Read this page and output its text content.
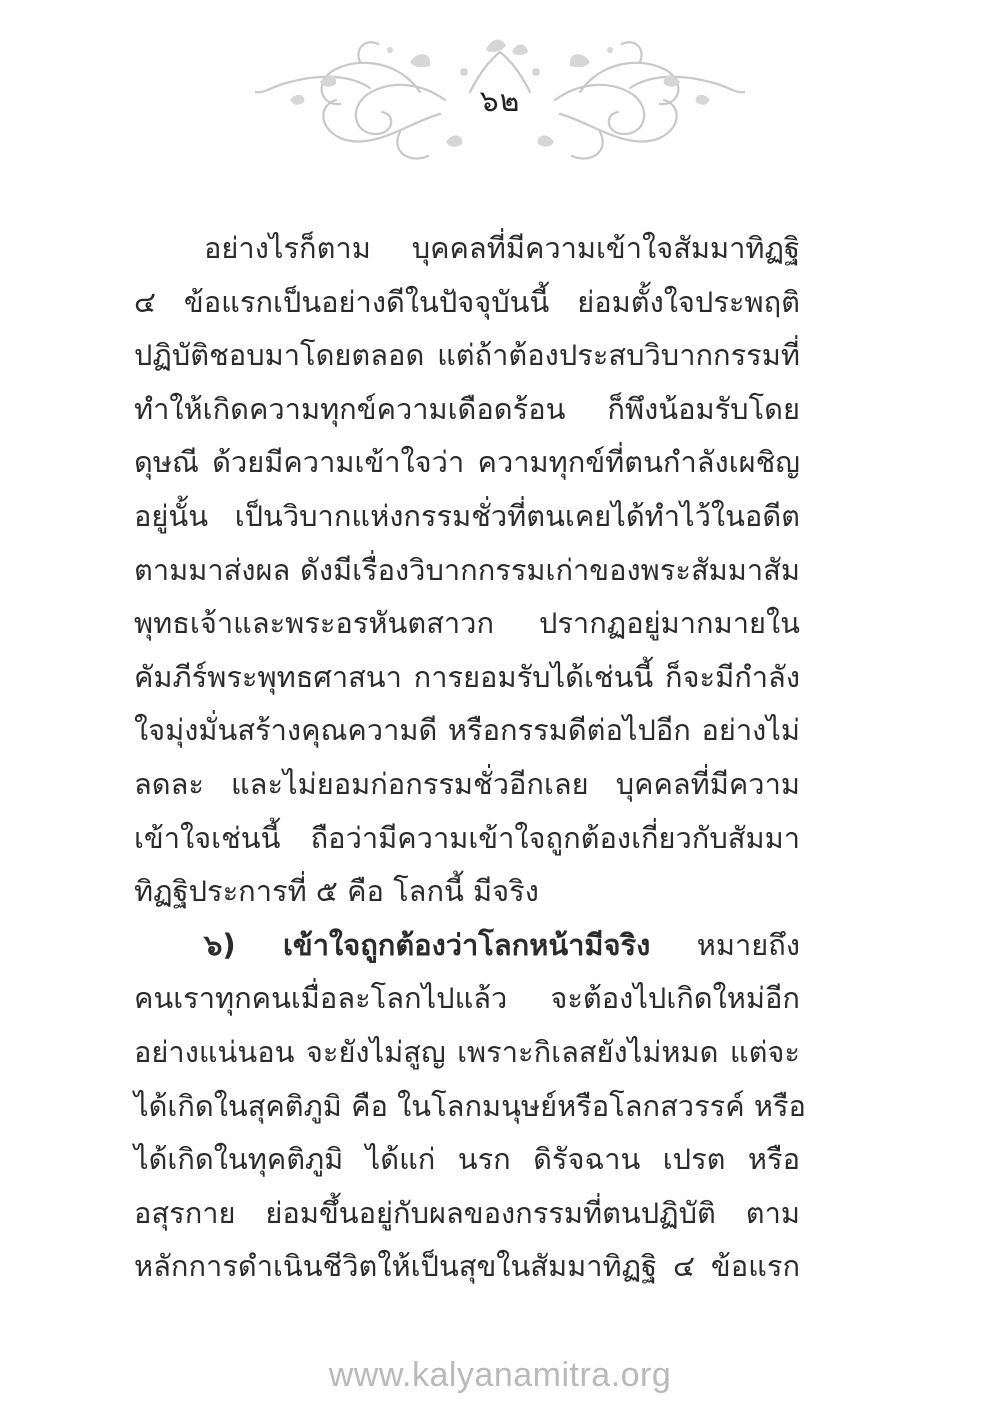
๖๒
อย่างไรก็ตาม บุคคลที่มีความเข้าใจสัมมาทิฏฐิ
๔ ข้อแรกเป็นอย่างดีในปัจจุบันนี้ ย่อมตั้งใจประพฤติ
ปฏิบัติชอบมาโดยตลอด แต่ถ้าต้องประสบวิบากกรรมที่
ทำให้เกิดความทุกข์ความเดือดร้อน ก็พึงน้อมรับโดย
ดุษณี ด้วยมีความเข้าใจว่า ความทุกข์ที่ตนกำลังเผชิญ
อยู่นั้น เป็นวิบากแห่งกรรมชั่วที่ตนเคยได้ทำไว้ในอดีต
ตามมาส่งผล ดังมีเรื่องวิบากกรรมเก่าของพระสัมมาสัม
พุทธเจ้าและพระอรหันตสาวก ปรากฏอยู่มากมายใน
คัมภีร์พระพุทธศาสนา การยอมรับได้เช่นนี้ ก็จะมีกำลัง
ใจมุ่งมั่นสร้างคุณความดี หรือกรรมดีต่อไปอีก อย่างไม่
ลดละ และไม่ยอมก่อกรรมชั่วอีกเลย บุคคลที่มีความ
เข้าใจเช่นนี้ ถือว่ามีความเข้าใจถูกต้องเกี่ยวกับสัมมา
ทิฏฐิประการที่ ๕ คือ โลกนี้ มีจริง
๖) เข้าใจถูกต้องว่าโลกหน้ามีจริง หมายถึง
คนเราทุกคนเมื่อละโลกไปแล้ว จะต้องไปเกิดใหม่อีก
อย่างแน่นอน จะยังไม่สูญ เพราะกิเลสยังไม่หมด แต่จะ
ได้เกิดในสุคติภูมิ คือ ในโลกมนุษย์หรือโลกสวรรค์ หรือ
ได้เกิดในทุคติภูมิ ได้แก่ นรก ดิรัจฉาน เปรต หรือ
อสุรกาย ย่อมขึ้นอยู่กับผลของกรรมที่ตนปฏิบัติ ตาม
หลักการดำเนินชีวิตให้เป็นสุขในสัมมาทิฏฐิ ๔ ข้อแรก
www.kalyanamitra.org
